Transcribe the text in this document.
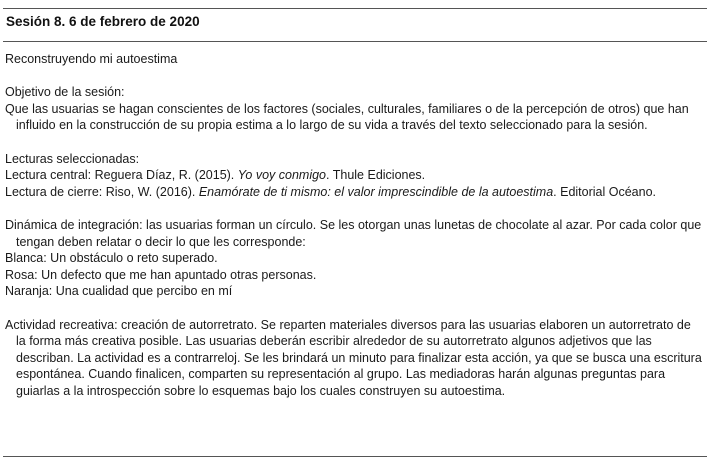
Sesión 8. 6 de febrero de 2020

Reconstruyendo mi autoestima

Objetivo de la sesión:

Que las usuarias se hagan conscientes de los factores (sociales, culturales, familiares o de la percepción de otros) que han influido en la construcción de su propia estima a lo largo de su vida a través del texto seleccionado para la sesión.

Lecturas seleccionadas:

Lectura central: Reguera Díaz, R. (2015). Yo voy conmigo. Thule Ediciones.

Lectura de cierre: Riso, W. (2016). Enamórate de ti mismo: el valor imprescindible de la autoestima. Editorial Océano.

Dinámica de integración: las usuarias forman un círculo. Se les otorgan unas lunetas de chocolate al azar. Por cada color que tengan deben relatar o decir lo que les corresponde:

Blanca: Un obstáculo o reto superado.

Rosa: Un defecto que me han apuntado otras personas.

Naranja: Una cualidad que percibo en mí

Actividad recreativa: creación de autorretrato. Se reparten materiales diversos para las usuarias elaboren un autorretrato de la forma más creativa posible. Las usuarias deberán escribir alrededor de su autorretrato algunos adjetivos que las describan. La actividad es a contrarreloj. Se les brindará un minuto para finalizar esta acción, ya que se busca una escritura espontánea. Cuando finalicen, comparten su representación al grupo. Las mediadoras harán algunas preguntas para guiarlas a la introspección sobre lo esquemas bajo los cuales construyen su autoestima.
